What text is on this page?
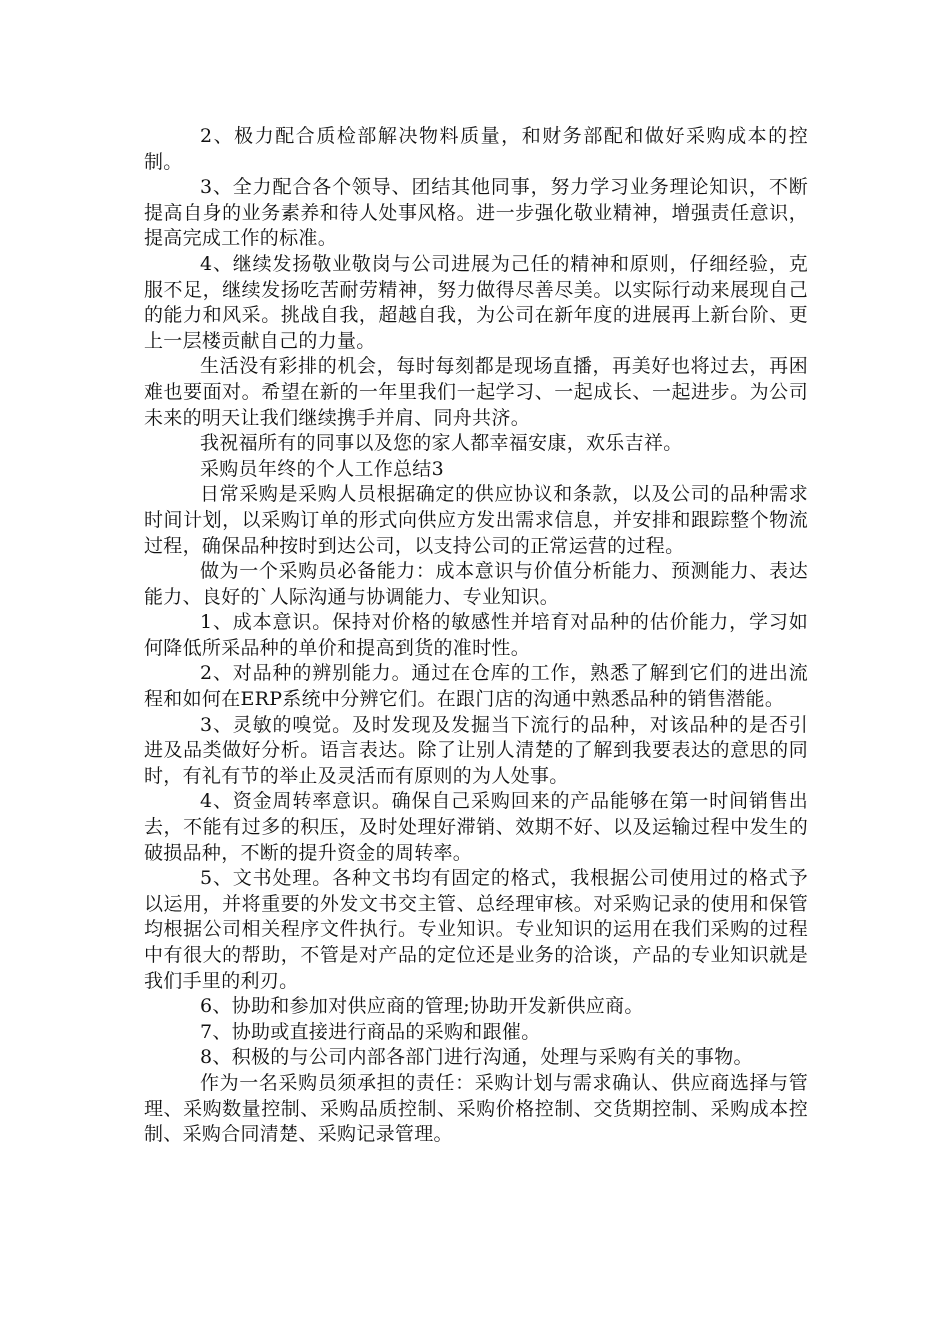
2、极力配合质检部解决物料质量，和财务部配和做好采购成本的控制。

3、全力配合各个领导、团结其他同事，努力学习业务理论知识，不断提高自身的业务素养和待人处事风格。进一步强化敬业精神，增强责任意识，提高完成工作的标准。

4、继续发扬敬业敬岗与公司进展为己任的精神和原则，仔细经验，克服不足，继续发扬吃苦耐劳精神，努力做得尽善尽美。以实际行动来展现自己的能力和风采。挑战自我，超越自我，为公司在新年度的进展再上新台阶、更上一层楼贡献自己的力量。

生活没有彩排的机会，每时每刻都是现场直播，再美好也将过去，再困难也要面对。希望在新的一年里我们一起学习、一起成长、一起进步。为公司未来的明天让我们继续携手并肩、同舟共济。

我祝福所有的同事以及您的家人都幸福安康，欢乐吉祥。

采购员年终的个人工作总结3

日常采购是采购人员根据确定的供应协议和条款，以及公司的品种需求时间计划，以采购订单的形式向供应方发出需求信息，并安排和跟踪整个物流过程，确保品种按时到达公司，以支持公司的正常运营的过程。

做为一个采购员必备能力：成本意识与价值分析能力、预测能力、表达能力、良好的`人际沟通与协调能力、专业知识。

1、成本意识。保持对价格的敏感性并培育对品种的估价能力，学习如何降低所采品种的单价和提高到货的准时性。

2、对品种的辨别能力。通过在仓库的工作，熟悉了解到它们的进出流程和如何在ERP系统中分辨它们。在跟门店的沟通中熟悉品种的销售潜能。

3、灵敏的嗅觉。及时发现及发掘当下流行的品种，对该品种的是否引进及品类做好分析。语言表达。除了让别人清楚的了解到我要表达的意思的同时，有礼有节的举止及灵活而有原则的为人处事。

4、资金周转率意识。确保自己采购回来的产品能够在第一时间销售出去，不能有过多的积压，及时处理好滞销、效期不好、以及运输过程中发生的破损品种，不断的提升资金的周转率。

5、文书处理。各种文书均有固定的格式，我根据公司使用过的格式予以运用，并将重要的外发文书交主管、总经理审核。对采购记录的使用和保管均根据公司相关程序文件执行。专业知识。专业知识的运用在我们采购的过程中有很大的帮助，不管是对产品的定位还是业务的洽谈，产品的专业知识就是我们手里的利刃。

6、协助和参加对供应商的管理;协助开发新供应商。

7、协助或直接进行商品的采购和跟催。

8、积极的与公司内部各部门进行沟通，处理与采购有关的事物。

作为一名采购员须承担的责任：采购计划与需求确认、供应商选择与管理、采购数量控制、采购品质控制、采购价格控制、交货期控制、采购成本控制、采购合同清楚、采购记录管理。
